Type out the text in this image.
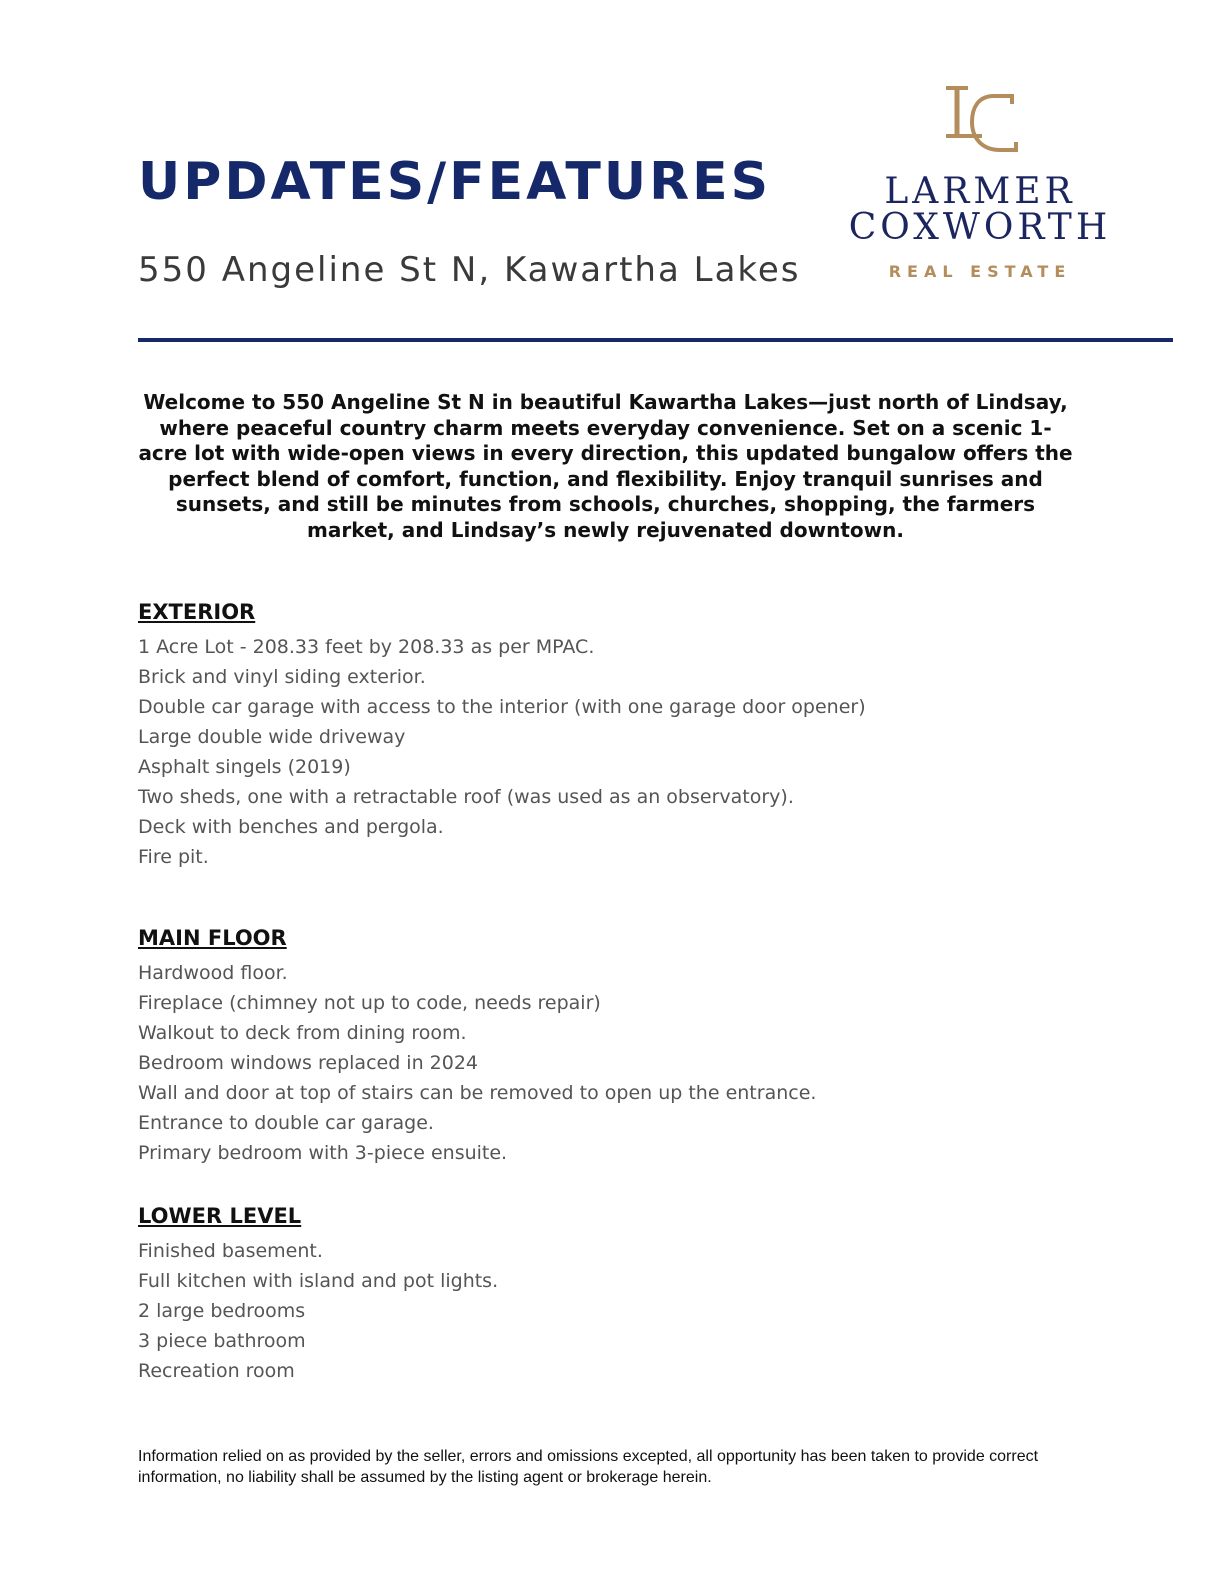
UPDATES/FEATURES
550 Angeline St N, Kawartha Lakes
LARMER
COXWORTH
REAL ESTATE

Welcome to 550 Angeline St N in beautiful Kawartha Lakes—just north of Lindsay, where peaceful country charm meets everyday convenience. Set on a scenic 1-acre lot with wide-open views in every direction, this updated bungalow offers the perfect blend of comfort, function, and flexibility. Enjoy tranquil sunrises and sunsets, and still be minutes from schools, churches, shopping, the farmers market, and Lindsay’s newly rejuvenated downtown.

EXTERIOR
1 Acre Lot - 208.33 feet by 208.33 as per MPAC.
Brick and vinyl siding exterior.
Double car garage with access to the interior (with one garage door opener)
Large double wide driveway
Asphalt singels (2019)
Two sheds, one with a retractable roof (was used as an observatory).
Deck with benches and pergola.
Fire pit.
MAIN FLOOR
Hardwood floor.
Fireplace (chimney not up to code, needs repair)
Walkout to deck from dining room.
Bedroom windows replaced in 2024
Wall and door at top of stairs can be removed to open up the entrance.
Entrance to double car garage.
Primary bedroom with 3-piece ensuite.
LOWER LEVEL
Finished basement.
Full kitchen with island and pot lights.
2 large bedrooms
3 piece bathroom
Recreation room

Information relied on as provided by the seller, errors and omissions excepted, all opportunity has been taken to provide correct information, no liability shall be assumed by the listing agent or brokerage herein.
